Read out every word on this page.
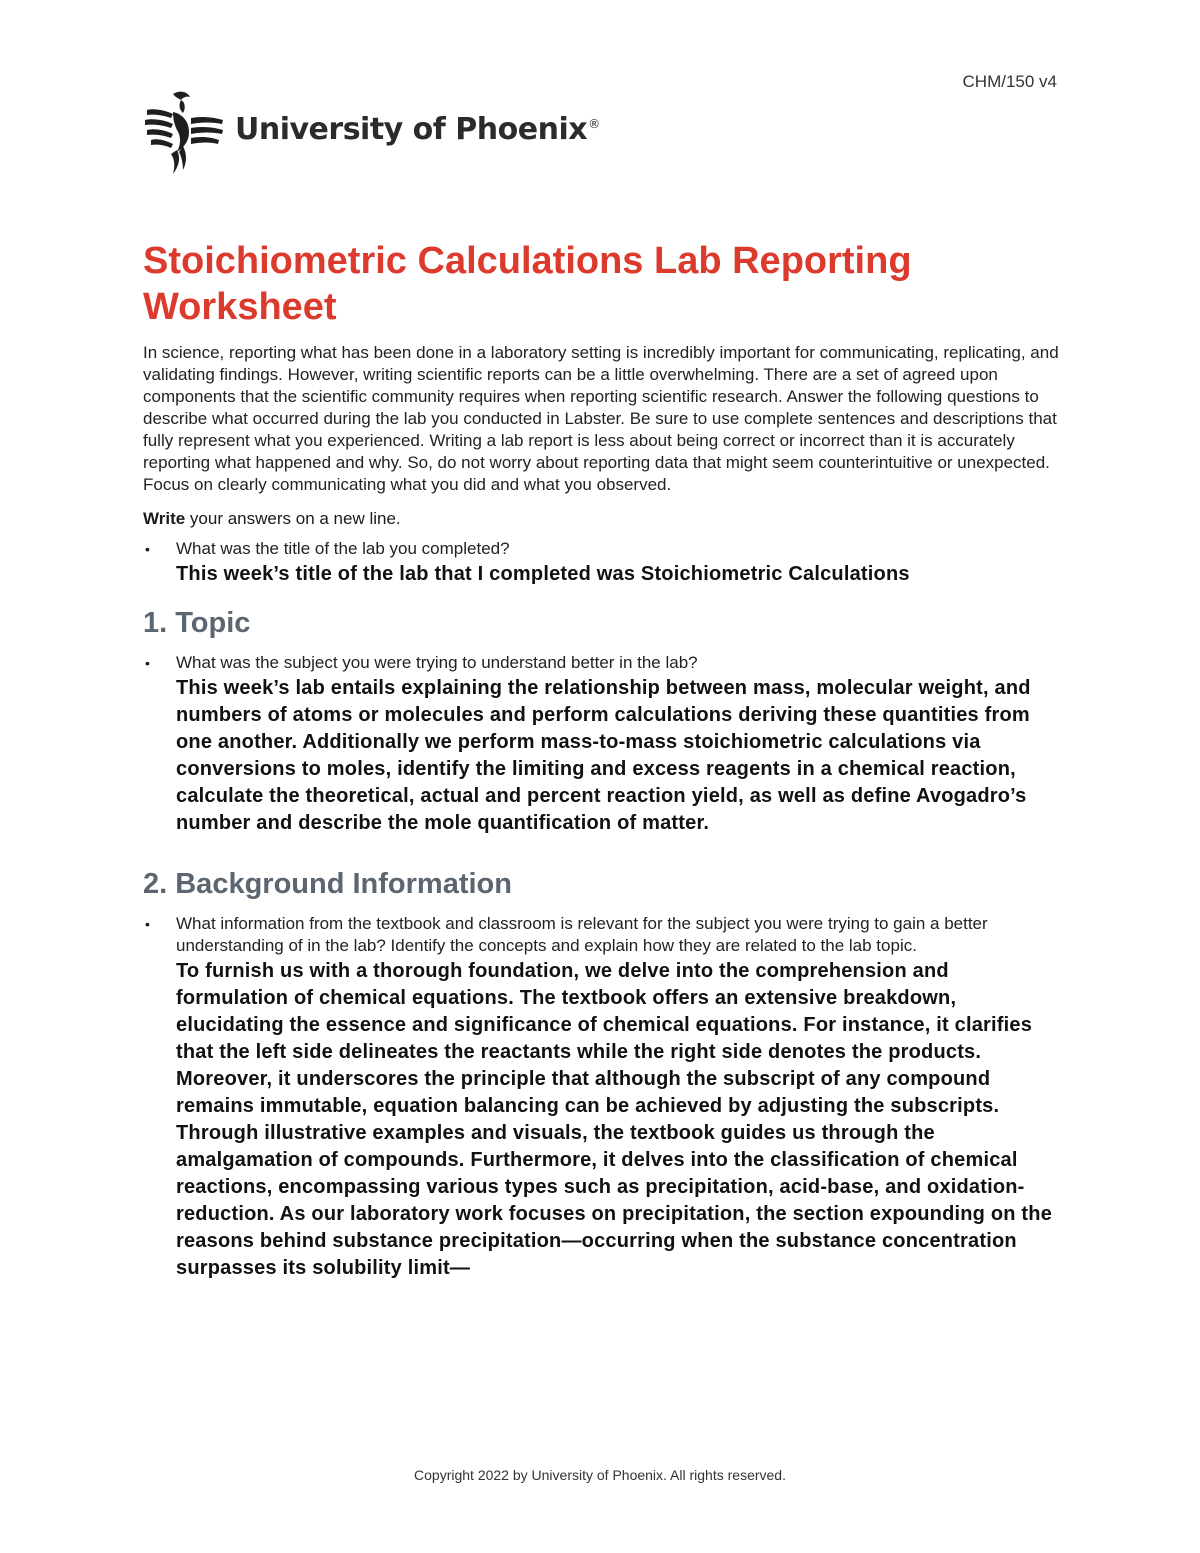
CHM/150 v4
University of Phoenix®
Stoichiometric Calculations Lab Reporting Worksheet

In science, reporting what has been done in a laboratory setting is incredibly important for communicating, replicating, and validating findings. However, writing scientific reports can be a little overwhelming. There are a set of agreed upon components that the scientific community requires when reporting scientific research. Answer the following questions to describe what occurred during the lab you conducted in Labster. Be sure to use complete sentences and descriptions that fully represent what you experienced. Writing a lab report is less about being correct or incorrect than it is accurately reporting what happened and why. So, do not worry about reporting data that might seem counterintuitive or unexpected. Focus on clearly communicating what you did and what you observed.

Write your answers on a new line.

•	What was the title of the lab you completed?
This week’s title of the lab that I completed was Stoichiometric Calculations
1. Topic
•	What was the subject you were trying to understand better in the lab?
This week’s lab entails explaining the relationship between mass, molecular weight, and numbers of atoms or molecules and perform calculations deriving these quantities from one another. Additionally we perform mass-to-mass stoichiometric calculations via conversions to moles, identify the limiting and excess reagents in a chemical reaction, calculate the theoretical, actual and percent reaction yield, as well as define Avogadro’s number and describe the mole quantification of matter.
2. Background Information
•	What information from the textbook and classroom is relevant for the subject you were trying to gain a better understanding of in the lab? Identify the concepts and explain how they are related to the lab topic.
To furnish us with a thorough foundation, we delve into the comprehension and formulation of chemical equations. The textbook offers an extensive breakdown, elucidating the essence and significance of chemical equations. For instance, it clarifies that the left side delineates the reactants while the right side denotes the products. Moreover, it underscores the principle that although the subscript of any compound remains immutable, equation balancing can be achieved by adjusting the subscripts. Through illustrative examples and visuals, the textbook guides us through the amalgamation of compounds. Furthermore, it delves into the classification of chemical reactions, encompassing various types such as precipitation, acid-base, and oxidation-reduction. As our laboratory work focuses on precipitation, the section expounding on the reasons behind substance precipitation—occurring when the substance concentration surpasses its solubility limit—
Copyright 2022 by University of Phoenix. All rights reserved.
